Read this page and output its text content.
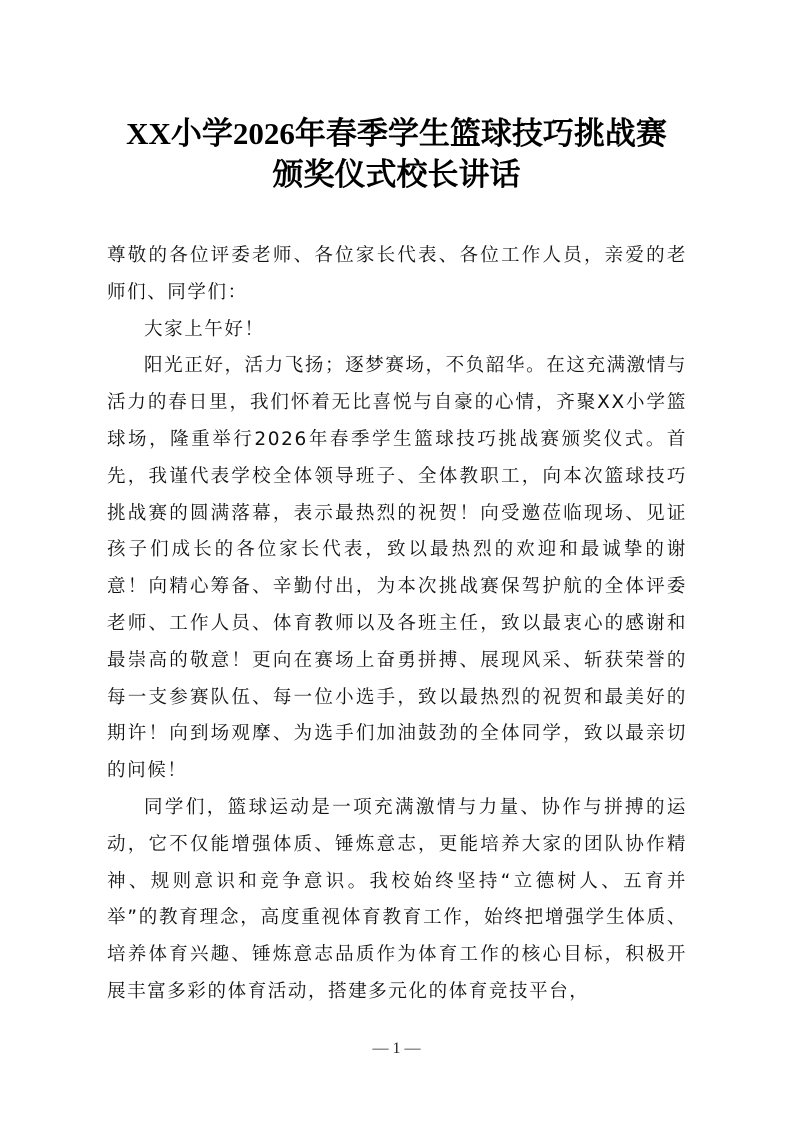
XX小学2026年春季学生篮球技巧挑战赛
颁奖仪式校长讲话

尊敬的各位评委老师、各位家长代表、各位工作人员，亲爱的老师们、同学们：

大家上午好！

阳光正好，活力飞扬；逐梦赛场，不负韶华。在这充满激情与活力的春日里，我们怀着无比喜悦与自豪的心情，齐聚XX小学篮球场，隆重举行2026年春季学生篮球技巧挑战赛颁奖仪式。首先，我谨代表学校全体领导班子、全体教职工，向本次篮球技巧挑战赛的圆满落幕，表示最热烈的祝贺！向受邀莅临现场、见证孩子们成长的各位家长代表，致以最热烈的欢迎和最诚挚的谢意！向精心筹备、辛勤付出，为本次挑战赛保驾护航的全体评委老师、工作人员、体育教师以及各班主任，致以最衷心的感谢和最崇高的敬意！更向在赛场上奋勇拼搏、展现风采、斩获荣誉的每一支参赛队伍、每一位小选手，致以最热烈的祝贺和最美好的期许！向到场观摩、为选手们加油鼓劲的全体同学，致以最亲切的问候！

同学们，篮球运动是一项充满激情与力量、协作与拼搏的运动，它不仅能增强体质、锤炼意志，更能培养大家的团队协作精神、规则意识和竞争意识。我校始终坚持“立德树人、五育并举”的教育理念，高度重视体育教育工作，始终把增强学生体质、培养体育兴趣、锤炼意志品质作为体育工作的核心目标，积极开展丰富多彩的体育活动，搭建多元化的体育竞技平台，

— 1 —
